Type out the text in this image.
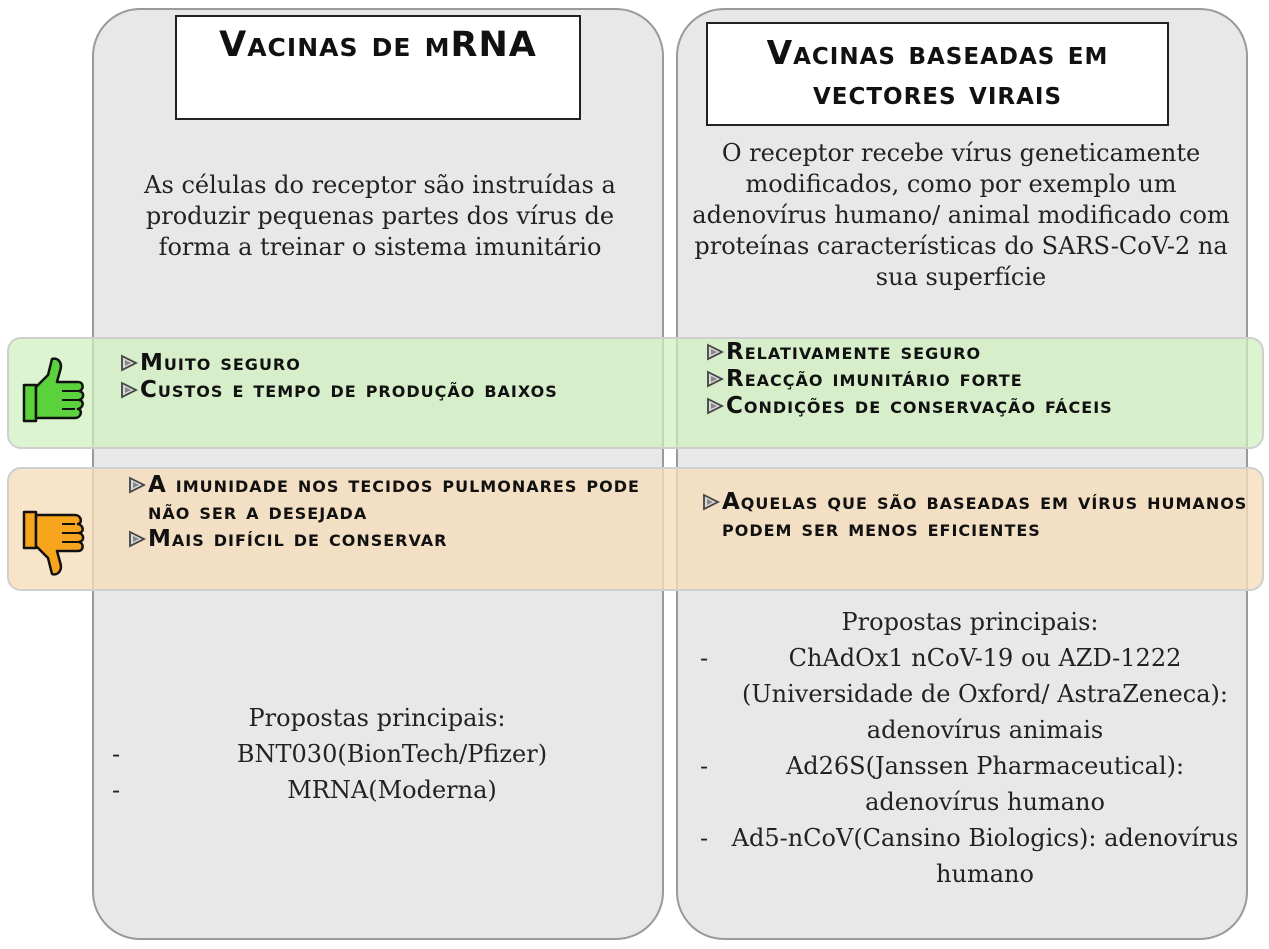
Vacinas de mRNA	Vacinas baseadas em vectores virais
As células do receptor são instruídas a produzir pequenas partes dos vírus de forma a treinar o sistema imunitário
O receptor recebe vírus geneticamente modificados, como por exemplo um adenovírus humano/ animal modificado com proteínas características do SARS-CoV-2 na sua superfície
Muito seguro
Custos e tempo de produção baixos
Relativamente seguro
Reacção imunitário forte
Condições de conservação fáceis
A imunidade nos tecidos pulmonares pode não ser a desejada
Mais difícil de conservar
Aquelas que são baseadas em vírus humanos podem ser menos eficientes
Propostas principais:
-	BNT030(BionTech/Pfizer)
-	MRNA(Moderna)
Propostas principais:
-	ChAdOx1 nCoV-19 ou AZD-1222 (Universidade de Oxford/ AstraZeneca): adenovírus animais
-	Ad26S(Janssen Pharmaceutical): adenovírus humano
- Ad5-nCoV(Cansino Biologics): adenovírus humano
